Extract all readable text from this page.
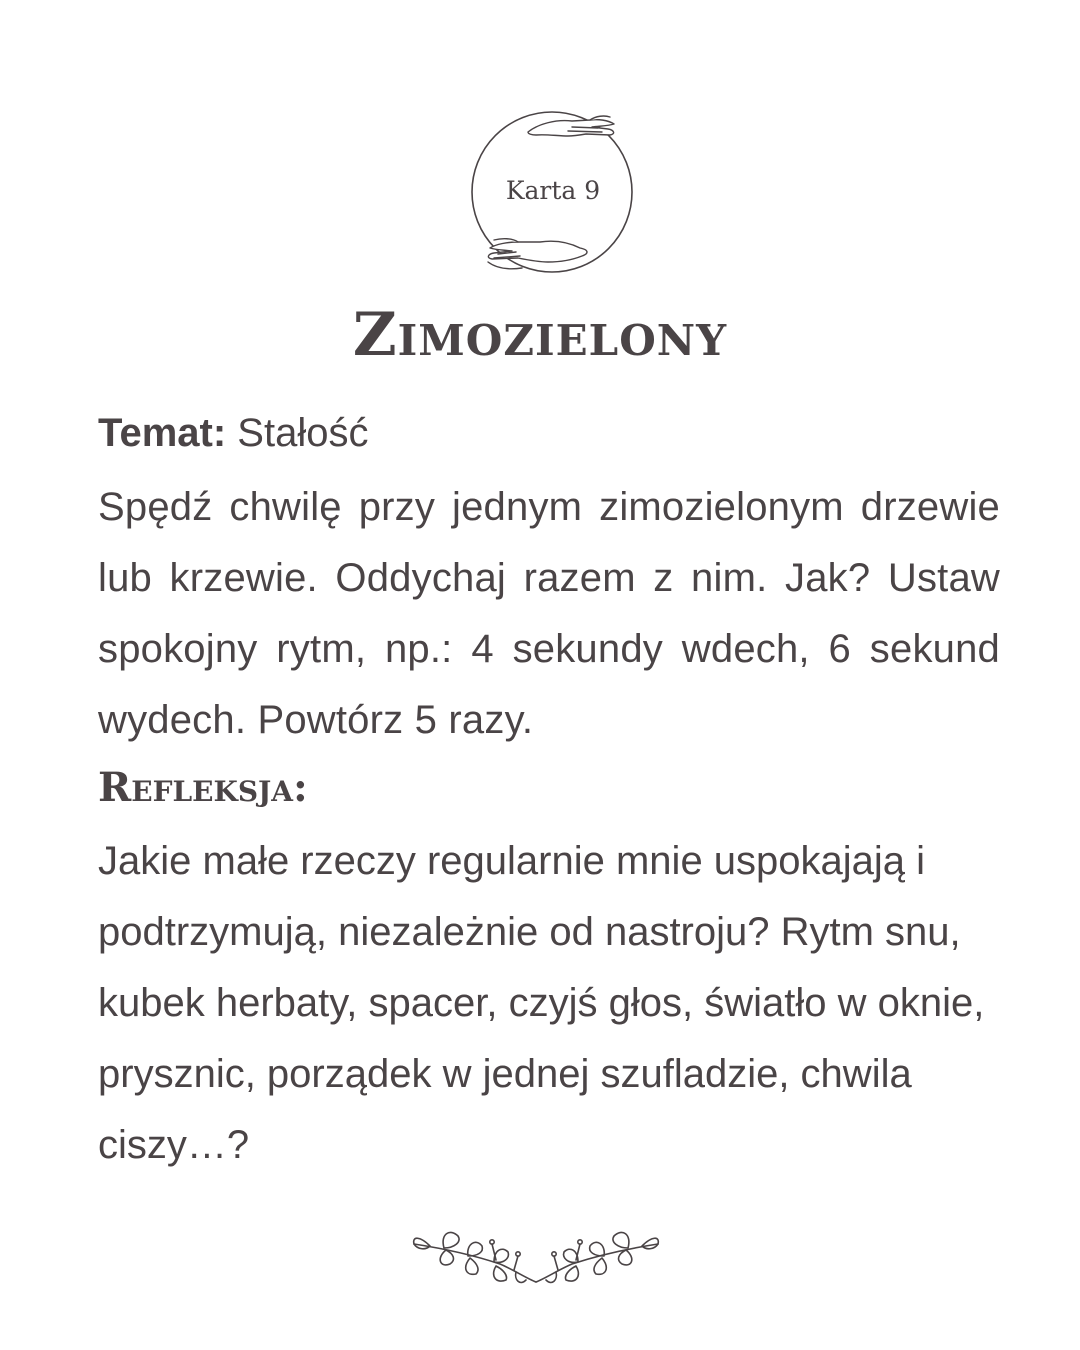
Karta 9
Zimozielony
Temat: Stałość
Spędź chwilę przy jednym zimozielonym drzewie lub krzewie. Oddychaj razem z nim. Jak? Ustaw spokojny rytm, np.: 4 sekundy wdech, 6 sekund wydech. Powtórz 5 razy.
Refleksja:
Jakie małe rzeczy regularnie mnie uspokajają i podtrzymują, niezależnie od nastroju? Rytm snu, kubek herbaty, spacer, czyjś głos, światło w oknie, prysznic, porządek w jednej szufladzie, chwila ciszy…?
